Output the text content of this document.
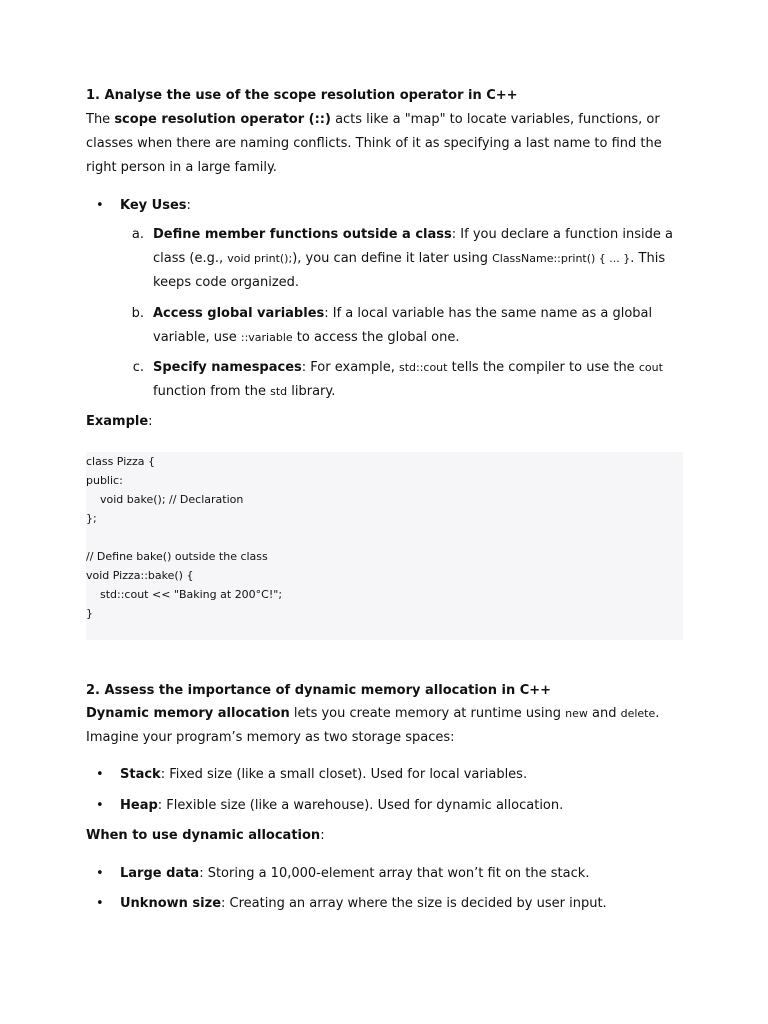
1. Analyse the use of the scope resolution operator in C++
The scope resolution operator (::) acts like a "map" to locate variables, functions, or classes when there are naming conflicts. Think of it as specifying a last name to find the right person in a large family.
• Key Uses:
a. Define member functions outside a class: If you declare a function inside a class (e.g., void print();), you can define it later using ClassName::print() { ... }. This keeps code organized.
b. Access global variables: If a local variable has the same name as a global variable, use ::variable to access the global one.
c. Specify namespaces: For example, std::cout tells the compiler to use the cout function from the std library.
Example:
class Pizza {
public:
void bake(); // Declaration
};
// Define bake() outside the class
void Pizza::bake() {
std::cout << "Baking at 200°C!";
}
2. Assess the importance of dynamic memory allocation in C++
Dynamic memory allocation lets you create memory at runtime using new and delete.
Imagine your program’s memory as two storage spaces:
• Stack: Fixed size (like a small closet). Used for local variables.
• Heap: Flexible size (like a warehouse). Used for dynamic allocation.
When to use dynamic allocation:
• Large data: Storing a 10,000-element array that won’t fit on the stack.
• Unknown size: Creating an array where the size is decided by user input.
